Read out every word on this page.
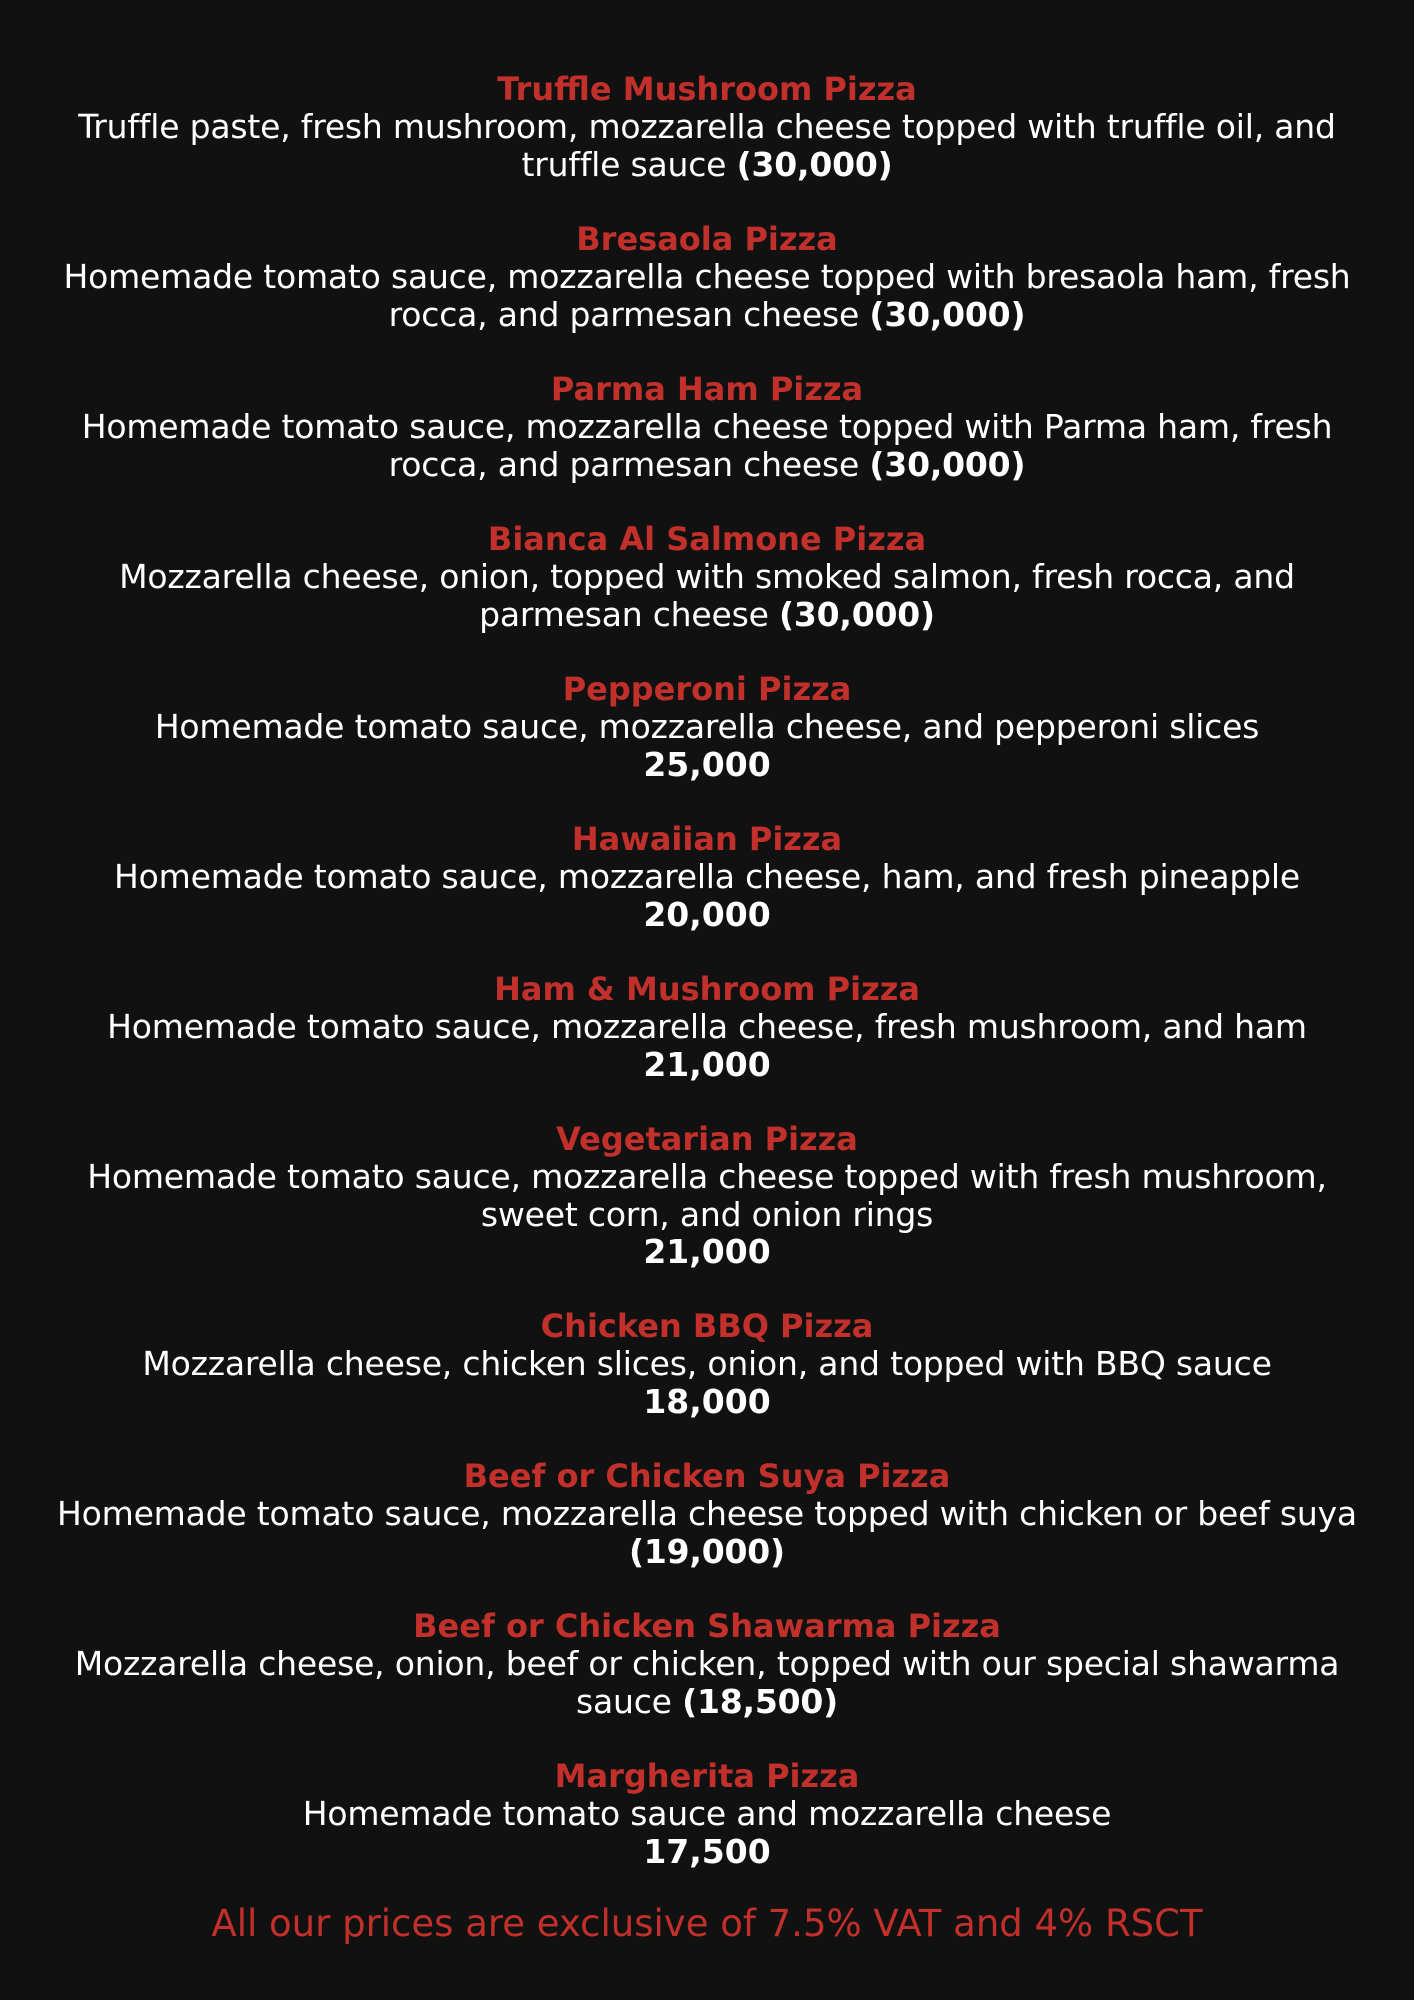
Truffle Mushroom Pizza
Truffle paste, fresh mushroom, mozzarella cheese topped with truffle oil, and truffle sauce (30,000)
Bresaola Pizza
Homemade tomato sauce, mozzarella cheese topped with bresaola ham, fresh rocca, and parmesan cheese (30,000)
Parma Ham Pizza
Homemade tomato sauce, mozzarella cheese topped with Parma ham, fresh rocca, and parmesan cheese (30,000)
Bianca Al Salmone Pizza
Mozzarella cheese, onion, topped with smoked salmon, fresh rocca, and parmesan cheese (30,000)
Pepperoni Pizza
Homemade tomato sauce, mozzarella cheese, and pepperoni slices
25,000
Hawaiian Pizza
Homemade tomato sauce, mozzarella cheese, ham, and fresh pineapple
20,000
Ham & Mushroom Pizza
Homemade tomato sauce, mozzarella cheese, fresh mushroom, and ham
21,000
Vegetarian Pizza
Homemade tomato sauce, mozzarella cheese topped with fresh mushroom, sweet corn, and onion rings
21,000
Chicken BBQ Pizza
Mozzarella cheese, chicken slices, onion, and topped with BBQ sauce
18,000
Beef or Chicken Suya Pizza
Homemade tomato sauce, mozzarella cheese topped with chicken or beef suya (19,000)
Beef or Chicken Shawarma Pizza
Mozzarella cheese, onion, beef or chicken, topped with our special shawarma sauce (18,500)
Margherita Pizza
Homemade tomato sauce and mozzarella cheese
17,500
All our prices are exclusive of 7.5% VAT and 4% RSCT
